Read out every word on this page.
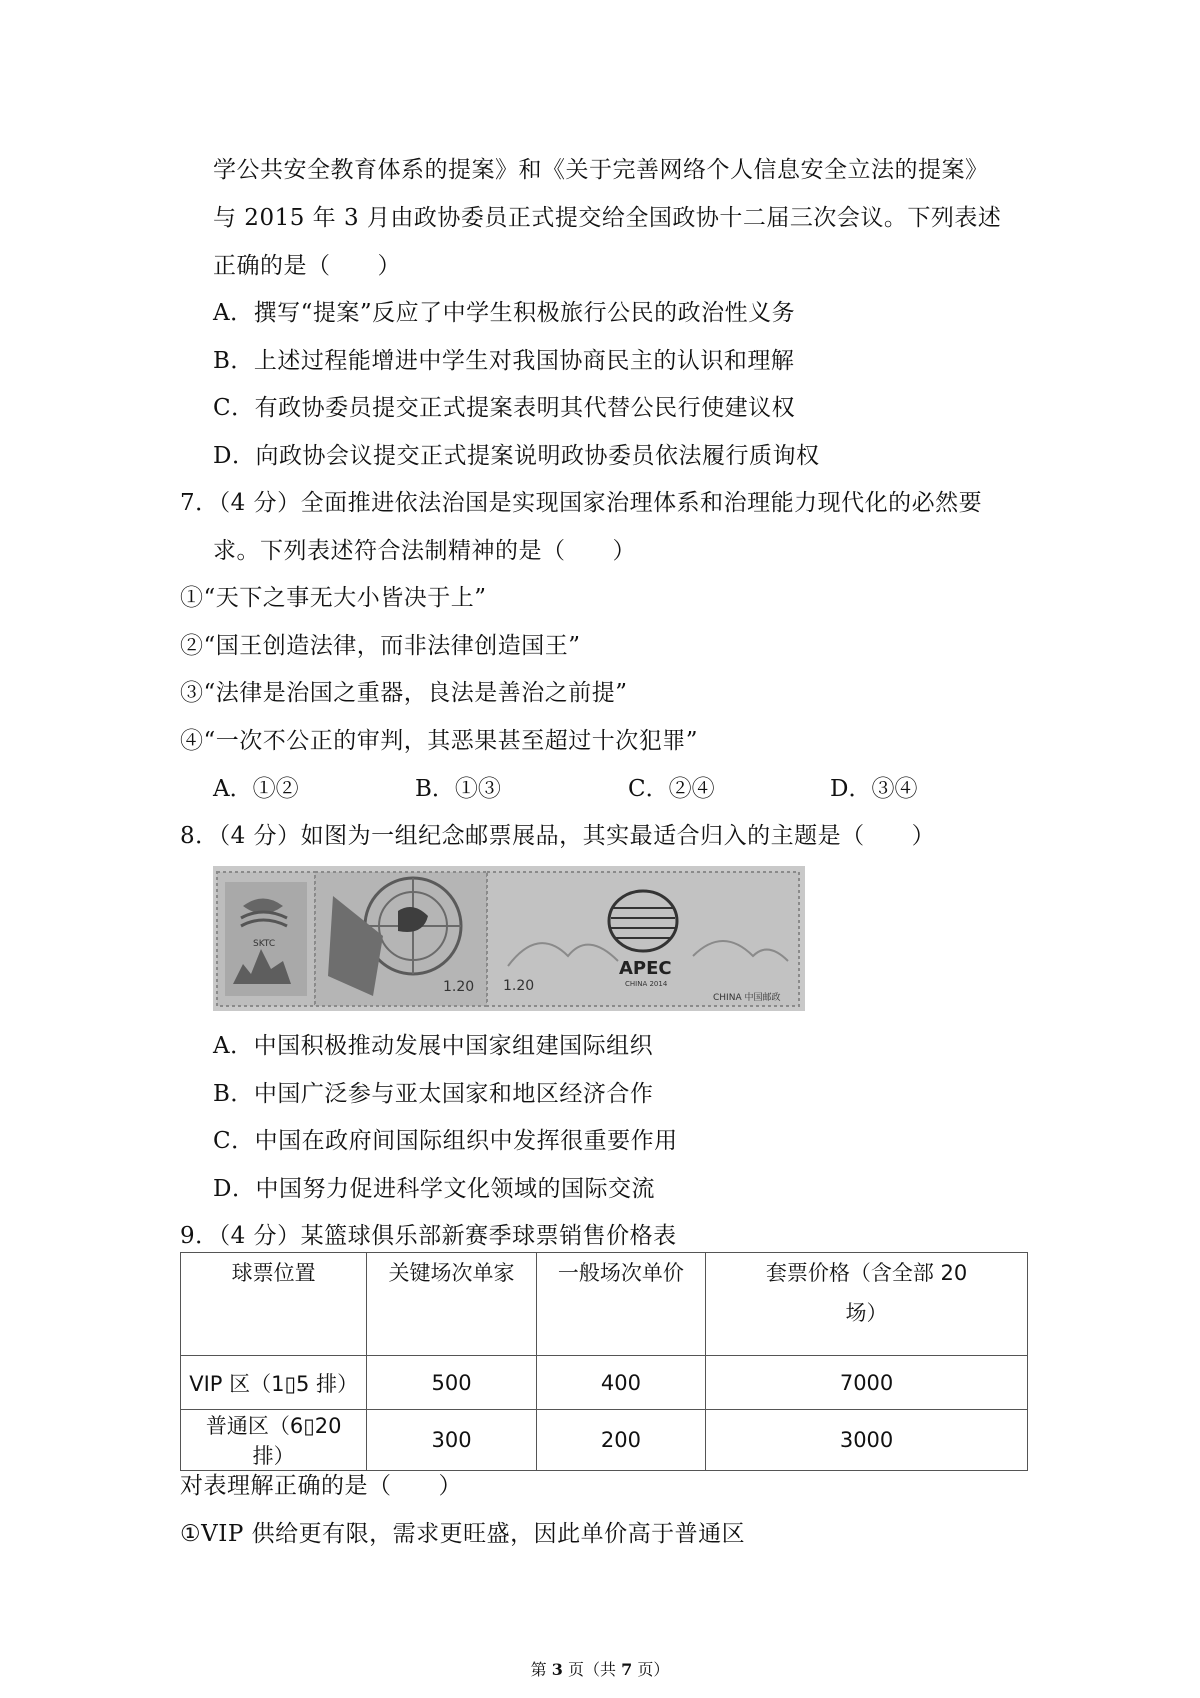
学公共安全教育体系的提案》和《关于完善网络个人信息安全立法的提案》
与 2015 年 3 月由政协委员正式提交给全国政协十二届三次会议。下列表述
正确的是（　　）
A．撰写“提案”反应了中学生积极旅行公民的政治性义务
B．上述过程能增进中学生对我国协商民主的认识和理解
C．有政协委员提交正式提案表明其代替公民行使建议权
D．向政协会议提交正式提案说明政协委员依法履行质询权
7．（4 分）全面推进依法治国是实现国家治理体系和治理能力现代化的必然要
求。下列表述符合法制精神的是（　　）
①“天下之事无大小皆决于上”
②“国王创造法律，而非法律创造国王”
③“法律是治国之重器，良法是善治之前提”
④“一次不公正的审判，其恶果甚至超过十次犯罪”
A．①②	B．①③	C．②④	D．③④
8．（4 分）如图为一组纪念邮票展品，其实最适合归入的主题是（　　）
SKTC
1.20
APEC
CHINA 2014
1.20
CHINA 中国邮政
A．中国积极推动发展中国家组建国际组织
B．中国广泛参与亚太国家和地区经济合作
C．中国在政府间国际组织中发挥很重要作用
D．中国努力促进科学文化领域的国际交流
9．（4 分）某篮球俱乐部新赛季球票销售价格表
球票位置	关键场次单家	一般场次单价	套票价格（含全部 20
场）
VIP 区（1▯5 排）	500	400	7000
普通区（6▯20 排）	300	200	3000
对表理解正确的是（　　）
①VIP 供给更有限，需求更旺盛，因此单价高于普通区
第 3 页（共 7 页）
